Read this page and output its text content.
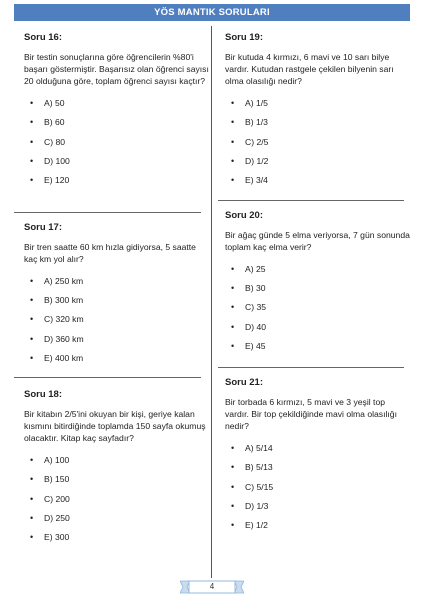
YÖS MANTIK SORULARI
Soru 16:
Bir testin sonuçlarına göre öğrencilerin %80'i başarı göstermiştir. Başarısız olan öğrenci sayısı 20 olduğuna göre, toplam öğrenci sayısı kaçtır?
•	A) 50
•	B) 60
•	C) 80
•	D) 100
•	E) 120
Soru 17:
Bir tren saatte 60 km hızla gidiyorsa, 5 saatte kaç km yol alır?
•	A) 250 km
•	B) 300 km
•	C) 320 km
•	D) 360 km
•	E) 400 km
Soru 18:
Bir kitabın 2/5'ini okuyan bir kişi, geriye kalan kısmını bitirdiğinde toplamda 150 sayfa okumuş olacaktır. Kitap kaç sayfadır?
•	A) 100
•	B) 150
•	C) 200
•	D) 250
•	E) 300
Soru 19:
Bir kutuda 4 kırmızı, 6 mavi ve 10 sarı bilye vardır. Kutudan rastgele çekilen bilyenin sarı olma olasılığı nedir?
•	A) 1/5
•	B) 1/3
•	C) 2/5
•	D) 1/2
•	E) 3/4
Soru 20:
Bir ağaç günde 5 elma veriyorsa, 7 gün sonunda toplam kaç elma verir?
•	A) 25
•	B) 30
•	C) 35
•	D) 40
•	E) 45
Soru 21:
Bir torbada 6 kırmızı, 5 mavi ve 3 yeşil top vardır. Bir top çekildiğinde mavi olma olasılığı nedir?
•	A) 5/14
•	B) 5/13
•	C) 5/15
•	D) 1/3
•	E) 1/2
4
